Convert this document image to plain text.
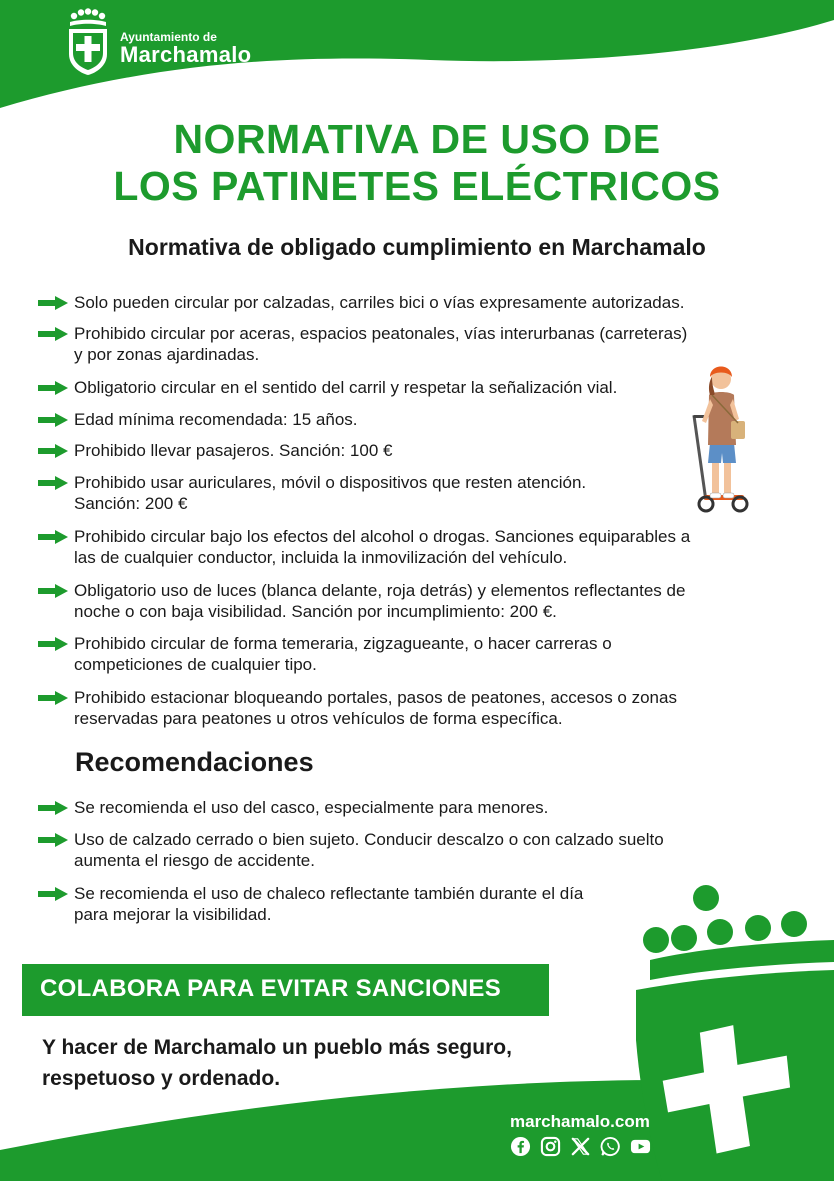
Ayuntamiento de
Marchamalo
NORMATIVA DE USO DE
LOS PATINETES ELÉCTRICOS
Normativa de obligado cumplimiento en Marchamalo
Solo pueden circular por calzadas, carriles bici o vías expresamente autorizadas.
Prohibido circular por aceras, espacios peatonales, vías interurbanas (carreteras)
y por zonas ajardinadas.
Obligatorio circular en el sentido del carril y respetar la señalización vial.
Edad mínima recomendada: 15 años.
Prohibido llevar pasajeros. Sanción: 100 €
Prohibido usar auriculares, móvil o dispositivos que resten atención.
Sanción: 200 €
Prohibido circular bajo los efectos del alcohol o drogas. Sanciones equiparables a
las de cualquier conductor, incluida la inmovilización del vehículo.
Obligatorio uso de luces (blanca delante, roja detrás) y elementos reflectantes de
noche o con baja visibilidad. Sanción por incumplimiento: 200 €.
Prohibido circular de forma temeraria, zigzagueante, o hacer carreras o
competiciones de cualquier tipo.
Prohibido estacionar bloqueando portales, pasos de peatones, accesos o zonas
reservadas para peatones u otros vehículos de forma específica.
Recomendaciones
Se recomienda el uso del casco, especialmente para menores.
Uso de calzado cerrado o bien sujeto. Conducir descalzo o con calzado suelto
aumenta el riesgo de accidente.
Se recomienda el uso de chaleco reflectante también durante el día
para mejorar la visibilidad.
COLABORA PARA EVITAR SANCIONES
Y hacer de Marchamalo un pueblo más seguro,
respetuoso y ordenado.
marchamalo.com
